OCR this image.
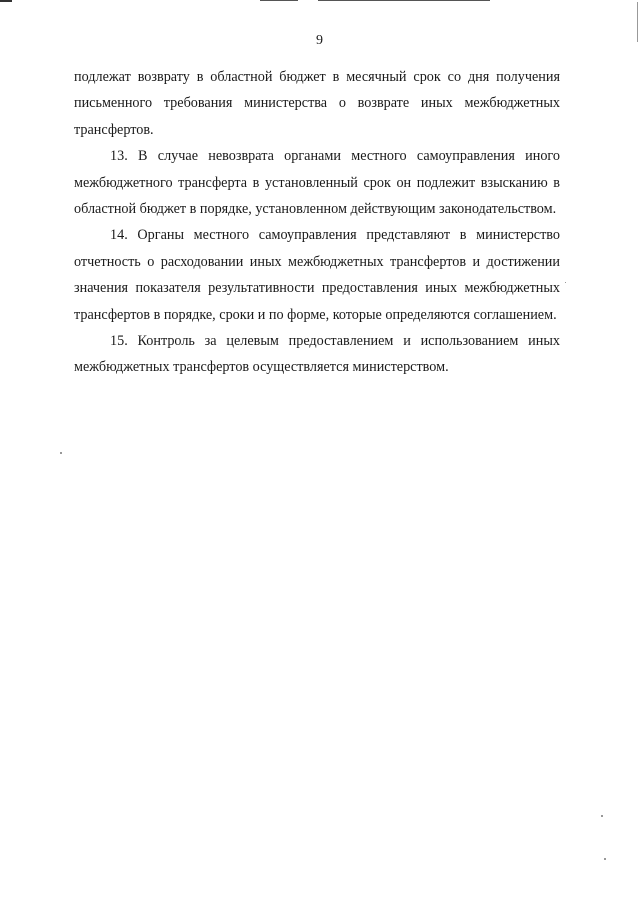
9

подлежат возврату в областной бюджет в месячный срок со дня получения письменного требования министерства о возврате иных межбюджетных трансфертов.

13. В случае невозврата органами местного самоуправления иного межбюджетного трансферта в установленный срок он подлежит взысканию в областной бюджет в порядке, установленном действующим законодательством.

14. Органы местного самоуправления представляют в министерство отчетность о расходовании иных межбюджетных трансфертов и достижении значения показателя результативности предоставления иных межбюджетных трансфертов в порядке, сроки и по форме, которые определяются соглашением.

15. Контроль за целевым предоставлением и использованием иных межбюджетных трансфертов осуществляется министерством.
